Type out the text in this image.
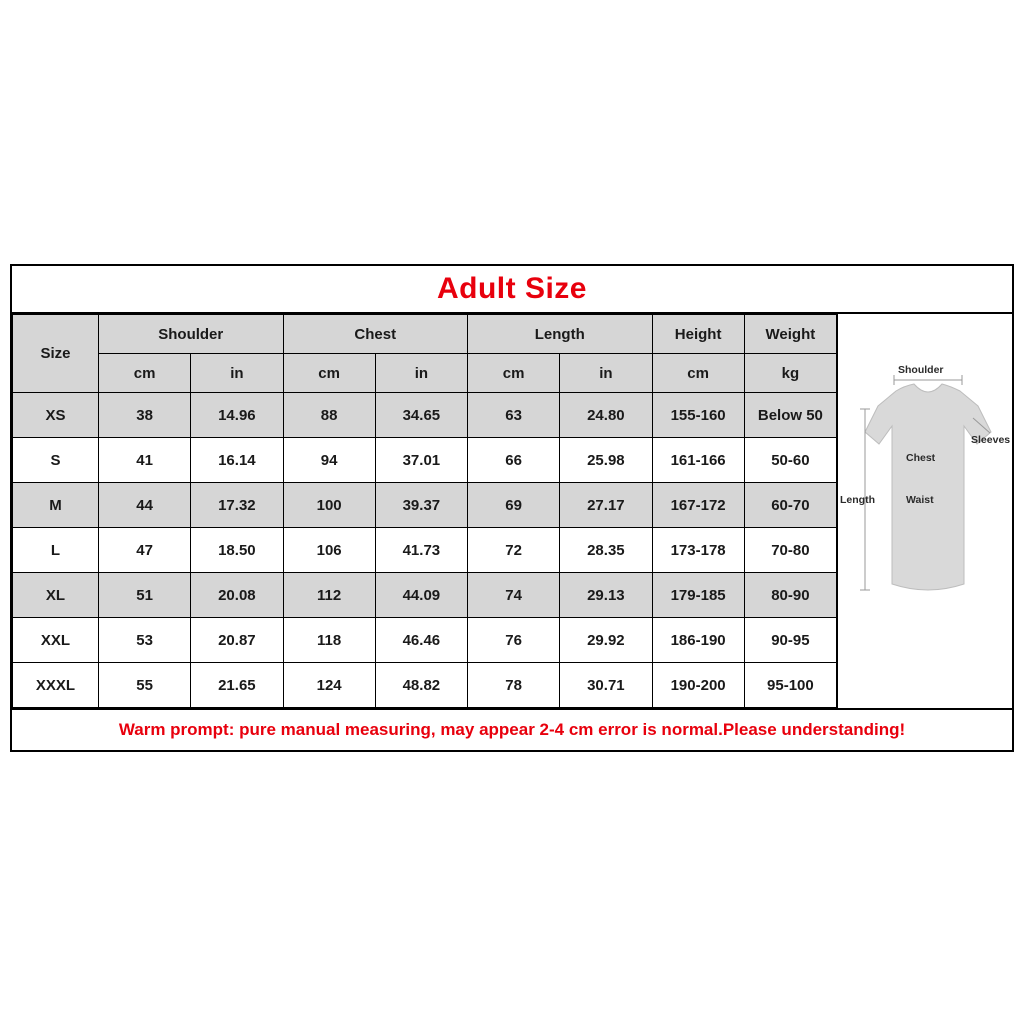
Adult Size
Size	Shoulder		Chest		Length		Height	Weight
	cm	in	cm	in	cm	in	cm	kg
XS	38	14.96	88	34.65	63	24.80	155-160	Below 50
S	41	16.14	94	37.01	66	25.98	161-166	50-60
M	44	17.32	100	39.37	69	27.17	167-172	60-70
L	47	18.50	106	41.73	72	28.35	173-178	70-80
XL	51	20.08	112	44.09	74	29.13	179-185	80-90
XXL	53	20.87	118	46.46	76	29.92	186-190	90-95
XXXL	55	21.65	124	48.82	78	30.71	190-200	95-100
Shoulder
Sleeves
Chest
Waist
Length
Warm prompt: pure manual measuring, may appear 2-4 cm error is normal.Please understanding!
